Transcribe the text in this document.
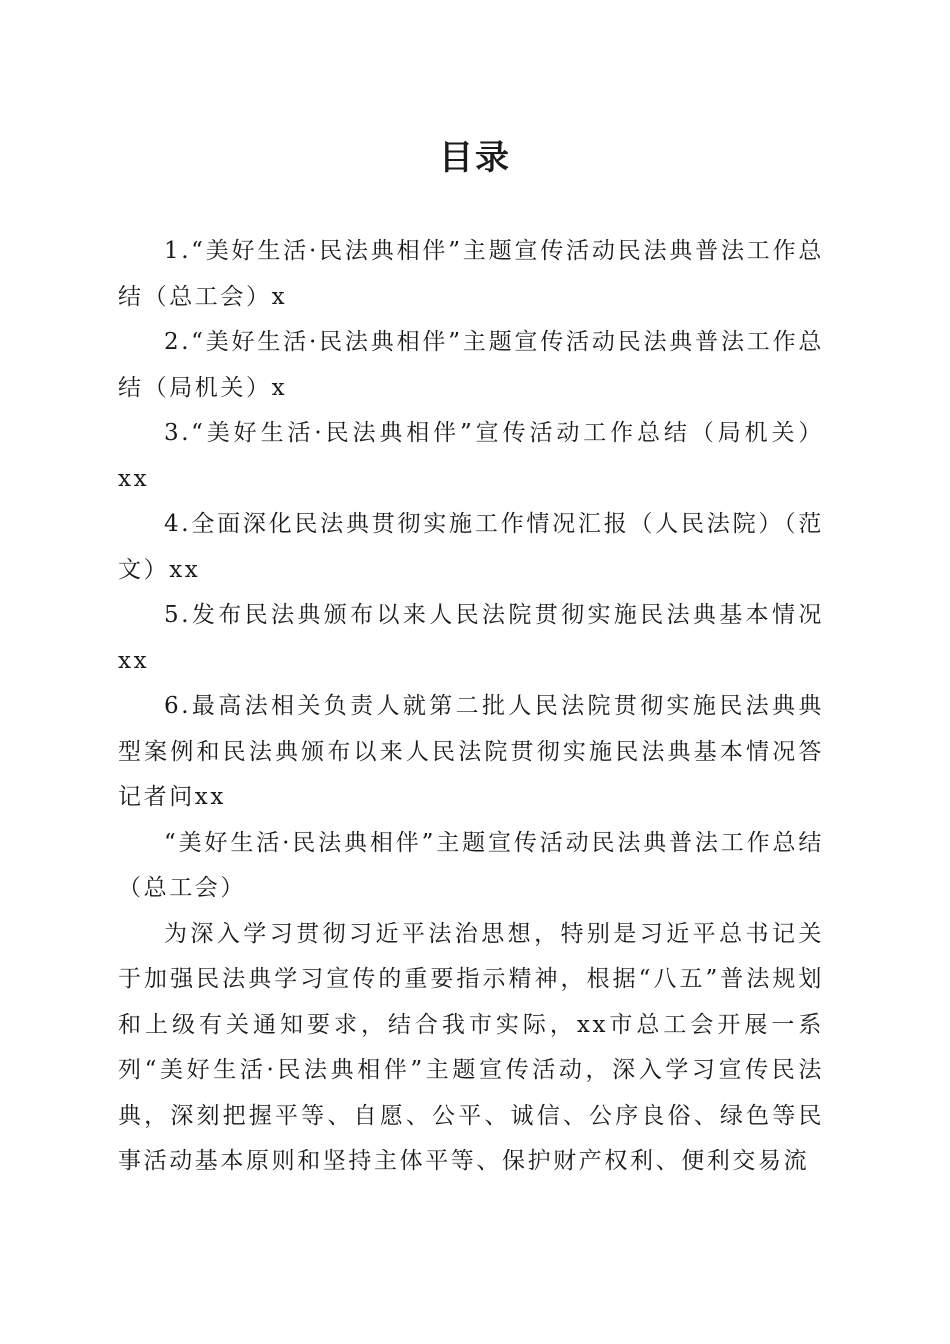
目录

1.“美好生活·民法典相伴”主题宣传活动民法典普法工作总结（总工会）x

2.“美好生活·民法典相伴”主题宣传活动民法典普法工作总结（局机关）x

3.“美好生活·民法典相伴”宣传活动工作总结（局机关）xx

4.全面深化民法典贯彻实施工作情况汇报（人民法院）（范文）xx

5.发布民法典颁布以来人民法院贯彻实施民法典基本情况xx

6.最高法相关负责人就第二批人民法院贯彻实施民法典典型案例和民法典颁布以来人民法院贯彻实施民法典基本情况答记者问xx

“美好生活·民法典相伴”主题宣传活动民法典普法工作总结（总工会）

为深入学习贯彻习近平法治思想，特别是习近平总书记关于加强民法典学习宣传的重要指示精神，根据“八五”普法规划和上级有关通知要求，结合我市实际，xx市总工会开展一系列“美好生活·民法典相伴”主题宣传活动，深入学习宣传民法典，深刻把握平等、自愿、公平、诚信、公序良俗、绿色等民事活动基本原则和坚持主体平等、保护财产权利、便利交易流
